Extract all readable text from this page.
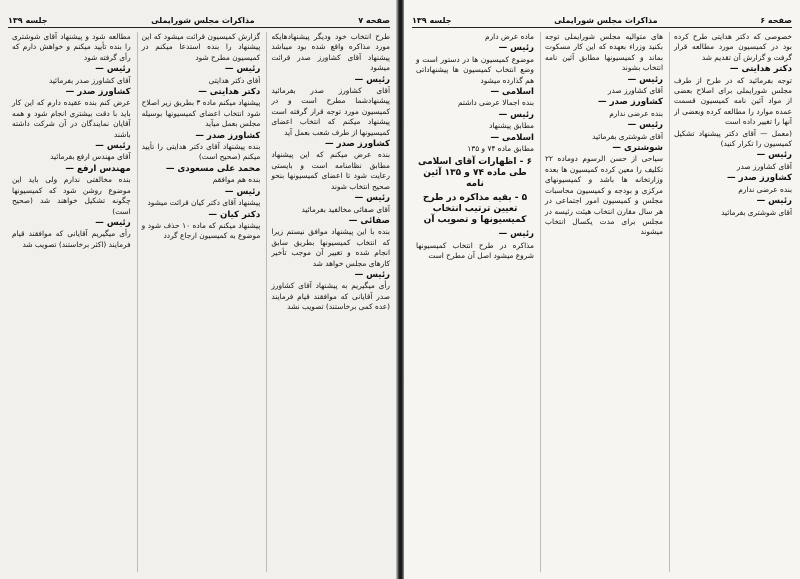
صفحه ۷
مذاکرات مجلس شورایملی
جلسه ۱۳۹

طرح انتخاب خود ودیگر پیشنهادهایکه مورد مذاکره واقع شده بود میباشد پیشنهاد آقای کشاورز صدر قرائت میشود

رئیس —

آقای کشاورز صدر بفرمائید پیشنهادشما مطرح است و در کمیسیون مورد توجه قرار گرفته است پیشنهاد میکنم که انتخاب اعضای کمیسیونها از طرف شعب بعمل آید

کشاورز صدر —

بنده عرض میکنم که این پیشنهاد مطابق نظامنامه است و بایستی رعایت شود تا اعضای کمیسیونها بنحو صحیح انتخاب شوند

رئیس —

آقای صفائی مخالفید بفرمائید

صفائی —

بنده با این پیشنهاد موافق نیستم زیرا که انتخاب کمیسیونها بطریق سابق انجام شده و تغییر آن موجب تأخیر کارهای مجلس خواهد شد

رئیس —

رأی میگیریم به پیشنهاد آقای کشاورز صدر آقایانی که موافقند قیام فرمایند (عده کمی برخاستند) تصویب نشد

گزارش کمیسیون قرائت میشود که این پیشنهاد را بنده استدعا میکنم در کمیسیون مطرح شود

رئیس —

آقای دکتر هدایتی

دکتر هدایتی —

پیشنهاد میکنم ماده ۳ بطریق زیر اصلاح شود انتخاب اعضای کمیسیونها بوسیله مجلس بعمل میآید

کشاورز صدر —

بنده پیشنهاد آقای دکتر هدایتی را تأیید میکنم (صحیح است)

محمد علی مسعودی —

بنده هم موافقم

رئیس —

پیشنهاد آقای دکتر کیان قرائت میشود

دکتر کیان —

پیشنهاد میکنم که ماده ۱۰ حذف شود و موضوع به کمیسیون ارجاع گردد

مطالعه شود و پیشنهاد آقای شوشتری را بنده تأیید میکنم و خواهش دارم که رأی گرفته شود

رئیس —

آقای کشاورز صدر بفرمائید

کشاورز صدر —

عرض کنم بنده عقیده دارم که این کار باید با دقت بیشتری انجام شود و همه آقایان نمایندگان در آن شرکت داشته باشند

رئیس —

آقای مهندس ارفع بفرمائید

مهندس ارفع —

بنده مخالفتی ندارم ولی باید این موضوع روشن شود که کمیسیونها چگونه تشکیل خواهند شد (صحیح است)

رئیس —

رأی میگیریم آقایانی که موافقند قیام فرمایند (اکثر برخاستند) تصویب شد

صفحه ۶
مذاکرات مجلس شورایملی
جلسه ۱۳۹

خصوصی که دکتر هدایتی طرح کرده بود در کمیسیون مورد مطالعه قرار گرفت و گزارش آن تقدیم شد

دکتر هدایتی —

توجه بفرمائید که در طرح از طرف مجلس شورایملی برای اصلاح بعضی از مواد آئین نامه کمیسیون قسمت عمده موارد را مطالعه کرده وبعضی از آنها را تغییر داده است

(معمل — آقای دکتر پیشنهاد تشکیل کمیسیون را تکرار کنید)

رئیس —

آقای کشاورز صدر

کشاورز صدر —

بنده عرضی ندارم

رئیس —

آقای شوشتری بفرمائید

های متوالیه مجلس شورایملی توجه بکنید وزراء بعهده که این کار مسکوت بماند و کمیسیونها مطابق آئین نامه انتخاب بشوند

رئیس —

آقای کشاورز صدر

کشاورز صدر —

بنده عرضی ندارم

رئیس —

آقای شوشتری بفرمائید

شوشتری —

سیاحی از حسن الرسوم دوماده ۲۲ تکلیف را معین کرده کمیسیون ها بعده وزارتخانه ها باشد و کمیسیونهای مرکزی و بودجه و کمیسیون محاسبات مجلس و کمیسیون امور اجتماعی در هر سال مقارن انتخاب هیئت رئیسه در مجلس برای مدت یکسال انتخاب میشوند

ماده عرض دارم

رئیس —

موضوع کمیسیون ها در دستور است و وضع انتخاب کمیسیون ها پیشنهاداتی هم گذارده میشود

اسلامی —

بنده اجمالا عرضی داشتم

رئیس —

مطابق پیشنهاد

اسلامی —

مطابق ماده ۷۴ و ۱۳۵

۶ - اظهارات آقای اسلامی طی ماده ۷۴ و ۱۳۵ آئین نامه
۵ - بقیه مذاکره در طرح تعیین ترتیب انتخاب کمیسیونها و تصویب آن

رئیس —

مذاکره در طرح انتخاب کمیسیونها شروع میشود اصل آن مطرح است
